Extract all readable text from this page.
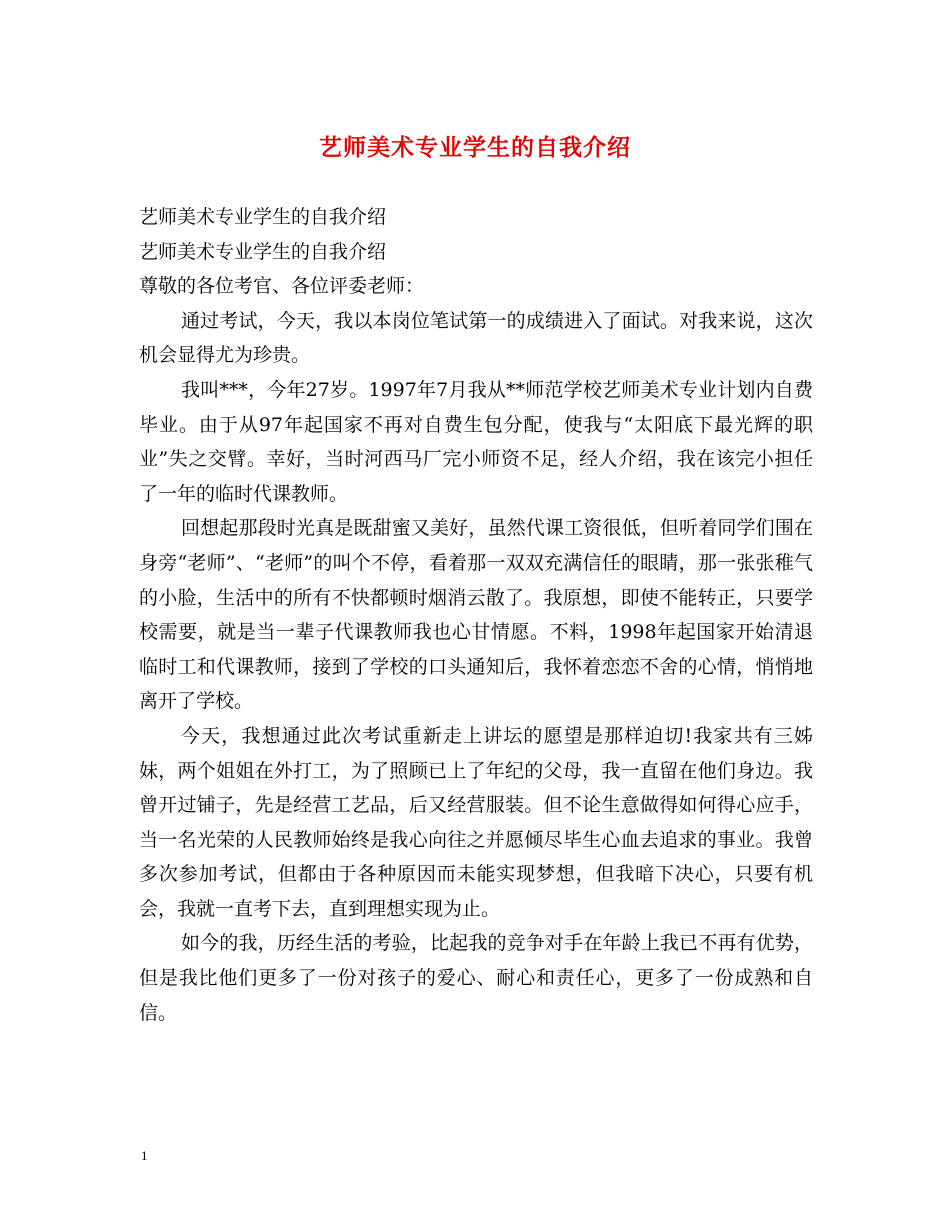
艺师美术专业学生的自我介绍

艺师美术专业学生的自我介绍

艺师美术专业学生的自我介绍

尊敬的各位考官、各位评委老师：

通过考试，今天，我以本岗位笔试第一的成绩进入了面试。对我来说，这次机会显得尤为珍贵。

我叫***，今年27岁。1997年7月我从**师范学校艺师美术专业计划内自费毕业。由于从97年起国家不再对自费生包分配，使我与“太阳底下最光辉的职业”失之交臂。幸好，当时河西马厂完小师资不足，经人介绍，我在该完小担任了一年的临时代课教师。

回想起那段时光真是既甜蜜又美好，虽然代课工资很低，但听着同学们围在身旁“老师”、“老师”的叫个不停，看着那一双双充满信任的眼睛，那一张张稚气的小脸，生活中的所有不快都顿时烟消云散了。我原想，即使不能转正，只要学校需要，就是当一辈子代课教师我也心甘情愿。不料，1998年起国家开始清退临时工和代课教师，接到了学校的口头通知后，我怀着恋恋不舍的心情，悄悄地离开了学校。

今天，我想通过此次考试重新走上讲坛的愿望是那样迫切!我家共有三姊妹，两个姐姐在外打工，为了照顾已上了年纪的父母，我一直留在他们身边。我曾开过铺子，先是经营工艺品，后又经营服装。但不论生意做得如何得心应手，当一名光荣的人民教师始终是我心向往之并愿倾尽毕生心血去追求的事业。我曾多次参加考试，但都由于各种原因而未能实现梦想，但我暗下决心，只要有机会，我就一直考下去，直到理想实现为止。

如今的我，历经生活的考验，比起我的竞争对手在年龄上我已不再有优势，但是我比他们更多了一份对孩子的爱心、耐心和责任心，更多了一份成熟和自信。

1
